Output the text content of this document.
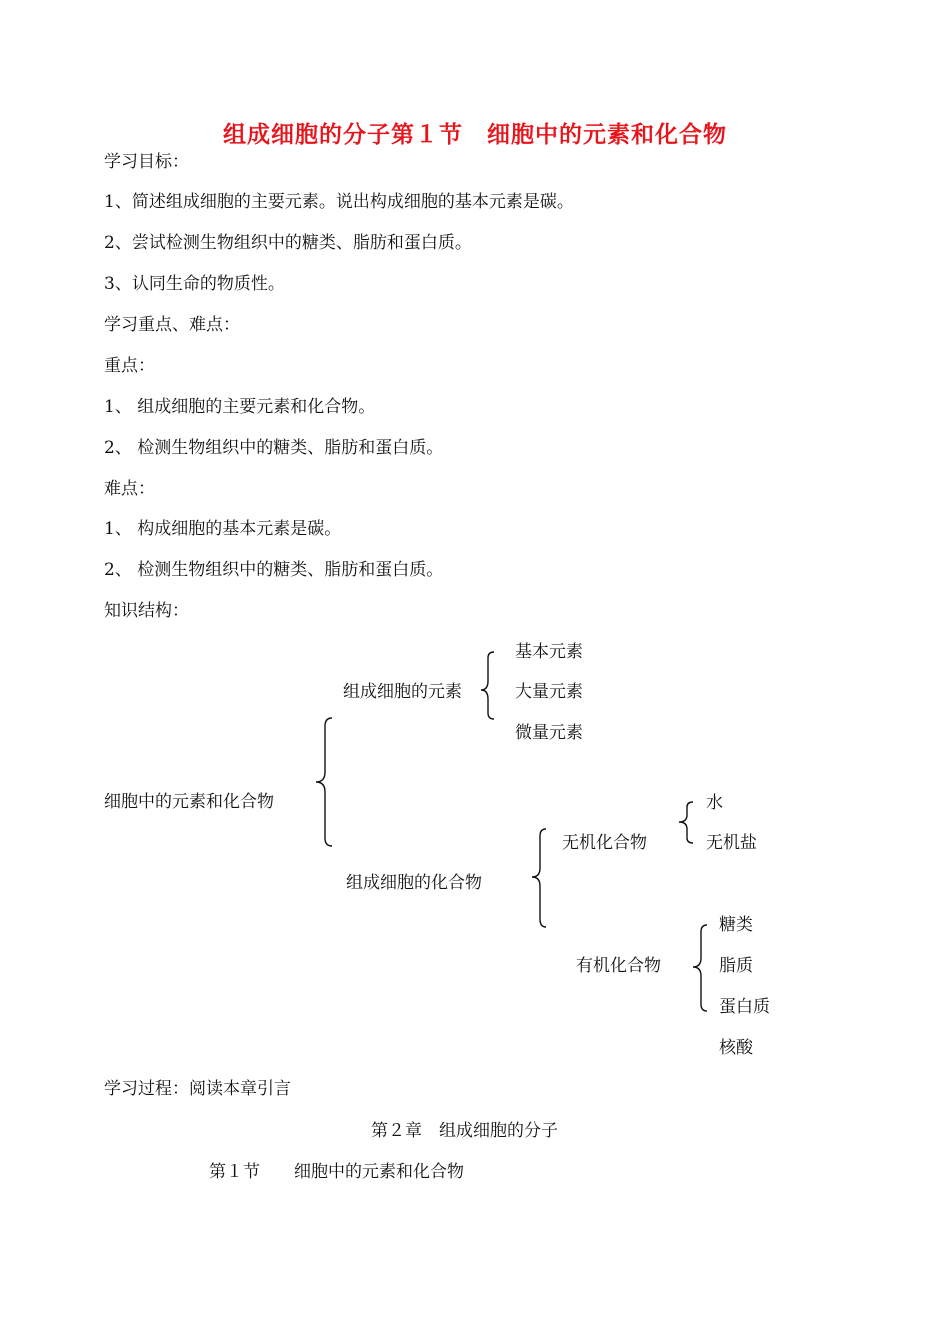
组成细胞的分子第１节　细胞中的元素和化合物
学习目标：
1、简述组成细胞的主要元素。说出构成细胞的基本元素是碳。
2、尝试检测生物组织中的糖类、脂肪和蛋白质。
3、认同生命的物质性。
学习重点、难点：
重点：
1、 组成细胞的主要元素和化合物。
2、 检测生物组织中的糖类、脂肪和蛋白质。
难点：
1、 构成细胞的基本元素是碳。
2、 检测生物组织中的糖类、脂肪和蛋白质。
知识结构：
细胞中的元素和化合物
组成细胞的元素
基本元素
大量元素
微量元素
组成细胞的化合物
无机化合物
水
无机盐
有机化合物
糖类
脂质
蛋白质
核酸
学习过程：阅读本章引言
第２章　组成细胞的分子
第１节　　细胞中的元素和化合物
